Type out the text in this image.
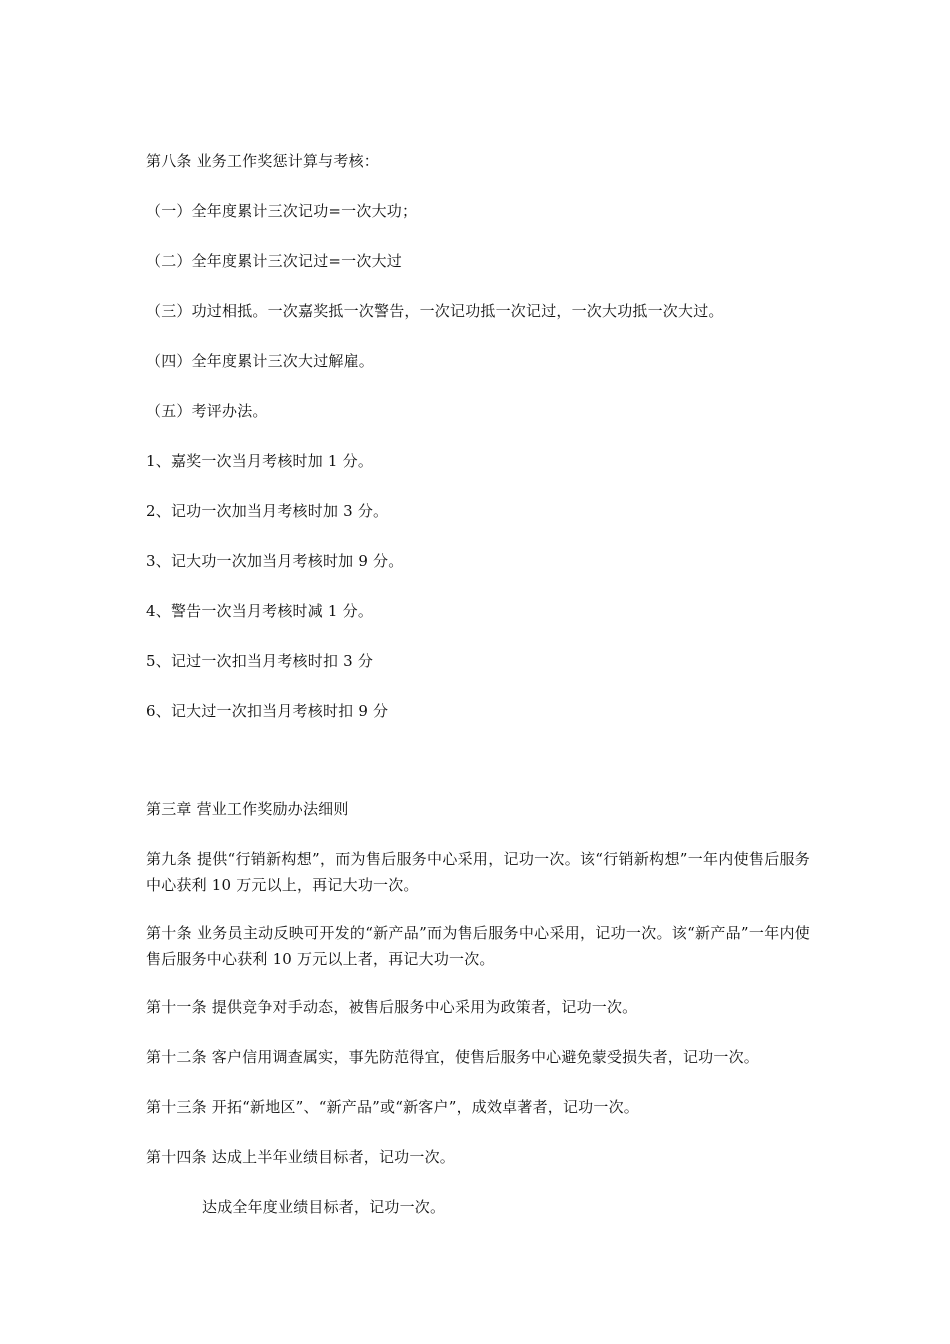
第八条 业务工作奖惩计算与考核：
（一）全年度累计三次记功=一次大功；
（二）全年度累计三次记过=一次大过
（三）功过相抵。一次嘉奖抵一次警告，一次记功抵一次记过，一次大功抵一次大过。
（四）全年度累计三次大过解雇。
（五）考评办法。
1、嘉奖一次当月考核时加 1 分。
2、记功一次加当月考核时加 3 分。
3、记大功一次加当月考核时加 9 分。
4、警告一次当月考核时减 1 分。
5、记过一次扣当月考核时扣 3 分
6、记大过一次扣当月考核时扣 9 分
第三章 营业工作奖励办法细则
第九条 提供“行销新构想”，而为售后服务中心采用，记功一次。该“行销新构想”一年内使售后服务中心获利 10 万元以上，再记大功一次。
第十条 业务员主动反映可开发的“新产品”而为售后服务中心采用，记功一次。该“新产品”一年内使售后服务中心获利 10 万元以上者，再记大功一次。
第十一条 提供竞争对手动态，被售后服务中心采用为政策者，记功一次。
第十二条 客户信用调查属实，事先防范得宜，使售后服务中心避免蒙受损失者，记功一次。
第十三条 开拓“新地区”、“新产品”或“新客户”，成效卓著者，记功一次。
第十四条 达成上半年业绩目标者，记功一次。
达成全年度业绩目标者，记功一次。
